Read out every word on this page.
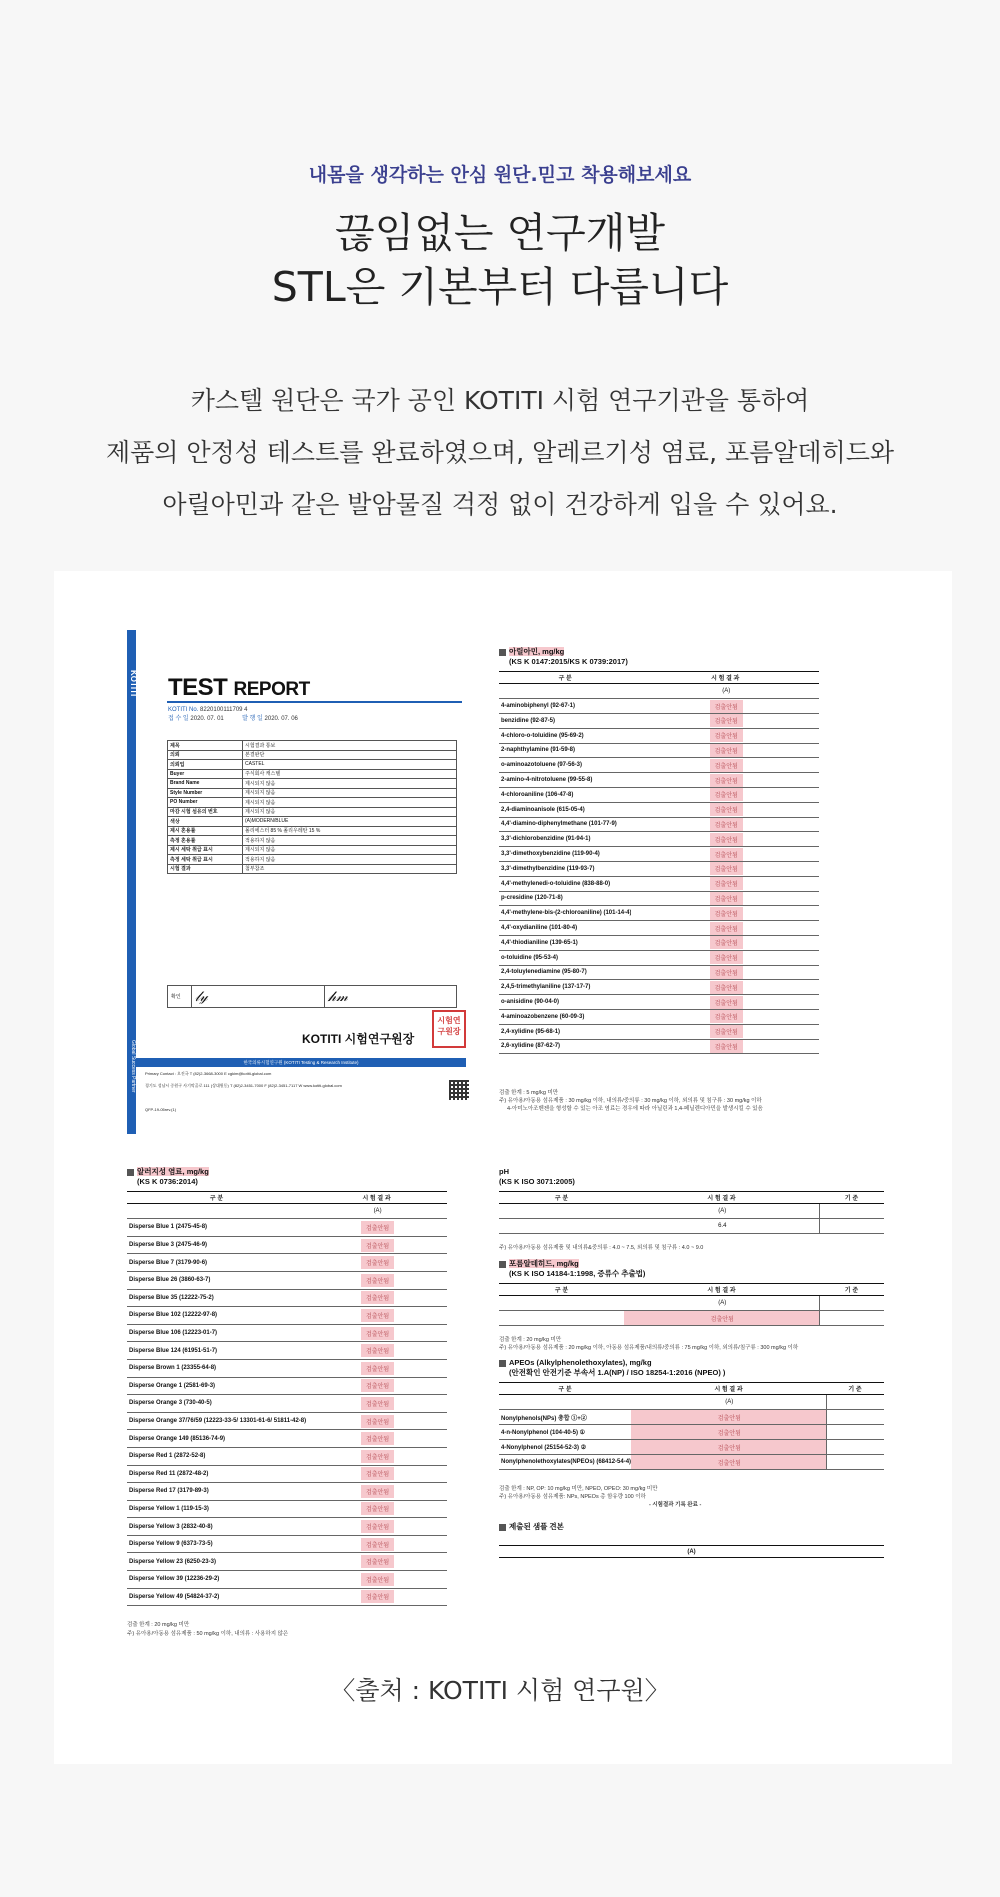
내몸을 생각하는 안심 원단.믿고 착용해보세요
끊임없는 연구개발
STL은 기본부터 다릅니다
카스텔 원단은 국가 공인 KOTITI 시험 연구기관을 통하여
제품의 안정성 테스트를 완료하였으며, 알레르기성 염료, 포름알데히드와
아릴아민과 같은 발암물질 걱정 없이 건강하게 입을 수 있어요.
KOTITI
Global Success Partner
TEST REPORT
KOTITI No. 8220100111709 4
접 수 일 2020. 07. 01	발 행 일 2020. 07. 06
제목	시험결과 통보
의뢰	본결완단
의뢰업	CASTEL
Buyer	주식회사 캐스텔
Brand Name	제시되지 않음
Style Number	제시되지 않음
PO Number	제시되지 않음
마감 시험 섬유의 번호	제시되지 않음
색상	(A)MODERN/BLUE
제시 혼용률	폴리에스터 85 % 폴리우레탄 15 %
측정 혼용률	적용하지 않음
제시 세탁 취급 표시	제시되지 않음
측정 세탁 취급 표시	적용하지 않음
시험 결과	첨부참조
확인	𝓁𝓎	𝒽𝓂
KOTITI 시험연구원장
시험연구원장
한국의류시험연구원 (KOTITI Testing & Research Institute)
Primary Contact : 오진국 T (82)2-3668-3000 E cgkim@kotiti-global.com
경기도 성남시 중원구 사기막골로 111 (상대원동) T (82)2-3451-7000 F (82)2-3451-7117 W www.kotiti-global.com
QFP-19-05rev.(1)
아릴아민, mg/kg
(KS K 0147:2015/KS K 0739:2017)
구 분	시 험 결 과
	(A)
4-aminobiphenyl (92-67-1)	검출안됨
benzidine (92-87-5)	검출안됨
4-chloro-o-toluidine (95-69-2)	검출안됨
2-naphthylamine (91-59-8)	검출안됨
o-aminoazotoluene (97-56-3)	검출안됨
2-amino-4-nitrotoluene (99-55-8)	검출안됨
4-chloroaniline (106-47-8)	검출안됨
2,4-diaminoanisole (615-05-4)	검출안됨
4,4'-diamino-diphenylmethane (101-77-9)	검출안됨
3,3'-dichlorobenzidine (91-94-1)	검출안됨
3,3'-dimethoxybenzidine (119-90-4)	검출안됨
3,3'-dimethylbenzidine (119-93-7)	검출안됨
4,4'-methylenedi-o-toluidine (838-88-0)	검출안됨
p-cresidine (120-71-8)	검출안됨
4,4'-methylene-bis-(2-chloroaniline) (101-14-4)	검출안됨
4,4'-oxydianiline (101-80-4)	검출안됨
4,4'-thiodianiline (139-65-1)	검출안됨
o-toluidine (95-53-4)	검출안됨
2,4-toluylenediamine (95-80-7)	검출안됨
2,4,5-trimethylaniline (137-17-7)	검출안됨
o-anisidine (90-04-0)	검출안됨
4-aminoazobenzene (60-09-3)	검출안됨
2,4-xylidine (95-68-1)	검출안됨
2,6-xylidine (87-62-7)	검출안됨
검출 한계 : 5 mg/kg 미만
주) 유아용/아동용 섬유제품 : 30 mg/kg 이하, 내의류/중의류 : 30 mg/kg 이하, 외의류 및 침구류 : 30 mg/kg 이하
4-아미노아조벤젠을 형성할 수 있는 아조 염료는 경우에 따라 아닐린과 1,4-페닐렌디아민을 발생시킬 수 있음
알러지성 염료, mg/kg
(KS K 0736:2014)
구 분	시 험 결 과
	(A)
Disperse Blue 1 (2475-45-8)	검출안됨
Disperse Blue 3 (2475-46-9)	검출안됨
Disperse Blue 7 (3179-90-6)	검출안됨
Disperse Blue 26 (3860-63-7)	검출안됨
Disperse Blue 35 (12222-75-2)	검출안됨
Disperse Blue 102 (12222-97-8)	검출안됨
Disperse Blue 106 (12223-01-7)	검출안됨
Disperse Blue 124 (61951-51-7)	검출안됨
Disperse Brown 1 (23355-64-8)	검출안됨
Disperse Orange 1 (2581-69-3)	검출안됨
Disperse Orange 3 (730-40-5)	검출안됨
Disperse Orange 37/76/59 (12223-33-5/ 13301-61-6/ 51811-42-8)	검출안됨
Disperse Orange 149 (85136-74-9)	검출안됨
Disperse Red 1 (2872-52-8)	검출안됨
Disperse Red 11 (2872-48-2)	검출안됨
Disperse Red 17 (3179-89-3)	검출안됨
Disperse Yellow 1 (119-15-3)	검출안됨
Disperse Yellow 3 (2832-40-8)	검출안됨
Disperse Yellow 9 (6373-73-5)	검출안됨
Disperse Yellow 23 (6250-23-3)	검출안됨
Disperse Yellow 39 (12236-29-2)	검출안됨
Disperse Yellow 49 (54824-37-2)	검출안됨
검출 한계 : 20 mg/kg 미만
주) 유아용/아동용 섬유제품 : 50 mg/kg 이하, 내의류 : 사용하지 않은
pH
(KS K ISO 3071:2005)
구 분	시 험 결 과	기 준
	(A)	
	6.4	
주) 유아용/아동용 섬유제품 및 내의류&중의류 : 4.0 ~ 7.5, 외의류 및 침구류 : 4.0 ~ 9.0
포름알데히드, mg/kg
(KS K ISO 14184-1:1998, 증류수 추출법)
구 분	시 험 결 과	기 준
	(A)	
	검출안됨	
검출 한계 : 20 mg/kg 미만
주) 유아용/아동용 섬유제품 : 20 mg/kg 이하, 아동용 섬유제품/내의류/중의류 : 75 mg/kg 이하, 외의류/침구류 : 300 mg/kg 이하
APEOs (Alkylphenolethoxylates), mg/kg
(안전확인 안전기준 부속서 1.A(NP) / ISO 18254-1:2016 (NPEO) )
구 분	시 험 결 과	기 준
	(A)	
Nonylphenols(NPs) 총합 ①+②	검출안됨	
4-n-Nonylphenol (104-40-5) ①	검출안됨	
4-Nonylphenol (25154-52-3) ②	검출안됨	
Nonylphenolethoxylates(NPEOs) (68412-54-4)	검출안됨	
검출 한계 : NP, OP: 10 mg/kg 미만, NPEO, OPEO: 30 mg/kg 미만
주) 유아용/아동용 섬유제품: NPs, NPEOs 총 함유량 100 이하
- 시험결과 기록 완료 -
제출된 샘플 견본
(A)
〈출처 : KOTITI 시험 연구원〉
